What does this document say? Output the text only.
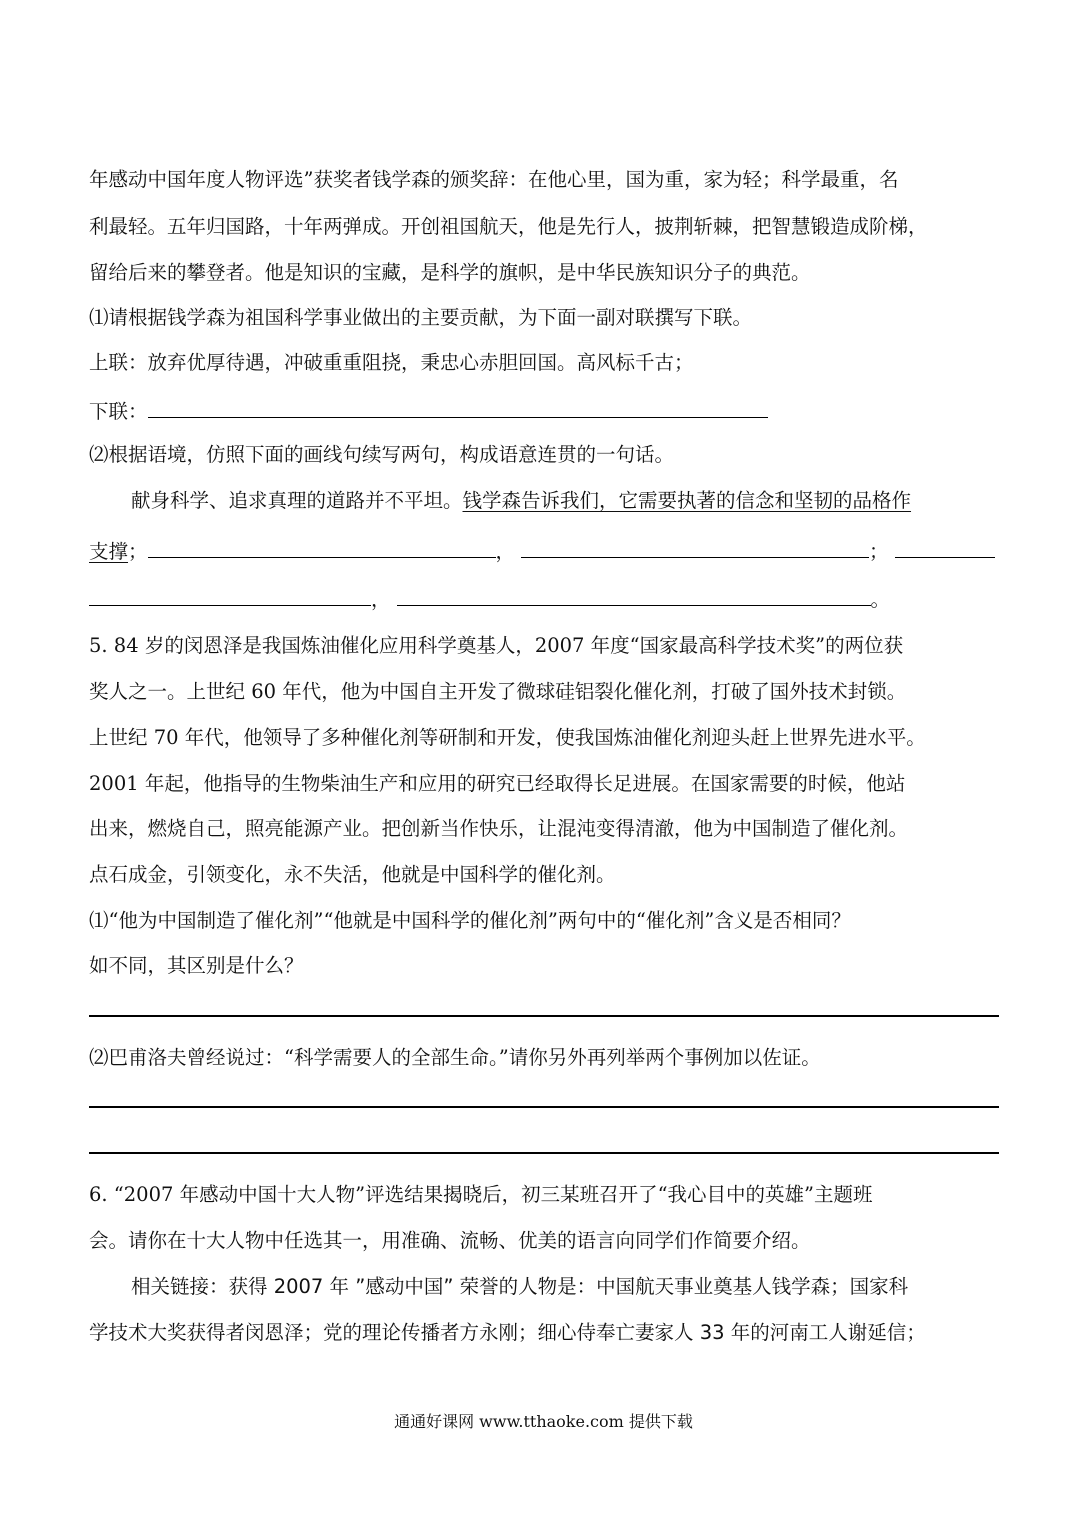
年感动中国年度人物评选”获奖者钱学森的颁奖辞：在他心里，国为重，家为轻；科学最重，名
利最轻。五年归国路，十年两弹成。开创祖国航天，他是先行人，披荆斩棘，把智慧锻造成阶梯，
留给后来的攀登者。他是知识的宝藏，是科学的旗帜，是中华民族知识分子的典范。
⑴请根据钱学森为祖国科学事业做出的主要贡献，为下面一副对联撰写下联。
上联：放弃优厚待遇，冲破重重阻挠，秉忠心赤胆回国。高风标千古；
下联：
⑵根据语境，仿照下面的画线句续写两句，构成语意连贯的一句话。
献身科学、追求真理的道路并不平坦。钱学森告诉我们，它需要执著的信念和坚韧的品格作
支撑；	，	；
，	。
5. 84 岁的闵恩泽是我国炼油催化应用科学奠基人，2007 年度“国家最高科学技术奖”的两位获
奖人之一。上世纪 60 年代，他为中国自主开发了微球硅铝裂化催化剂，打破了国外技术封锁。
上世纪 70 年代，他领导了多种催化剂等研制和开发，使我国炼油催化剂迎头赶上世界先进水平。
2001 年起，他指导的生物柴油生产和应用的研究已经取得长足进展。在国家需要的时候，他站
出来，燃烧自己，照亮能源产业。把创新当作快乐，让混沌变得清澈，他为中国制造了催化剂。
点石成金，引领变化，永不失活，他就是中国科学的催化剂。
⑴“他为中国制造了催化剂”“他就是中国科学的催化剂”两句中的“催化剂”含义是否相同？
如不同，其区别是什么？
⑵巴甫洛夫曾经说过：“科学需要人的全部生命。”请你另外再列举两个事例加以佐证。
6. “2007 年感动中国十大人物”评选结果揭晓后，初三某班召开了“我心目中的英雄”主题班
会。请你在十大人物中任选其一，用准确、流畅、优美的语言向同学们作简要介绍。
相关链接：获得 2007 年 ”感动中国” 荣誉的人物是：中国航天事业奠基人钱学森；国家科
学技术大奖获得者闵恩泽；党的理论传播者方永刚；细心侍奉亡妻家人 33 年的河南工人谢延信；
通通好课网 www.tthaoke.com 提供下载
